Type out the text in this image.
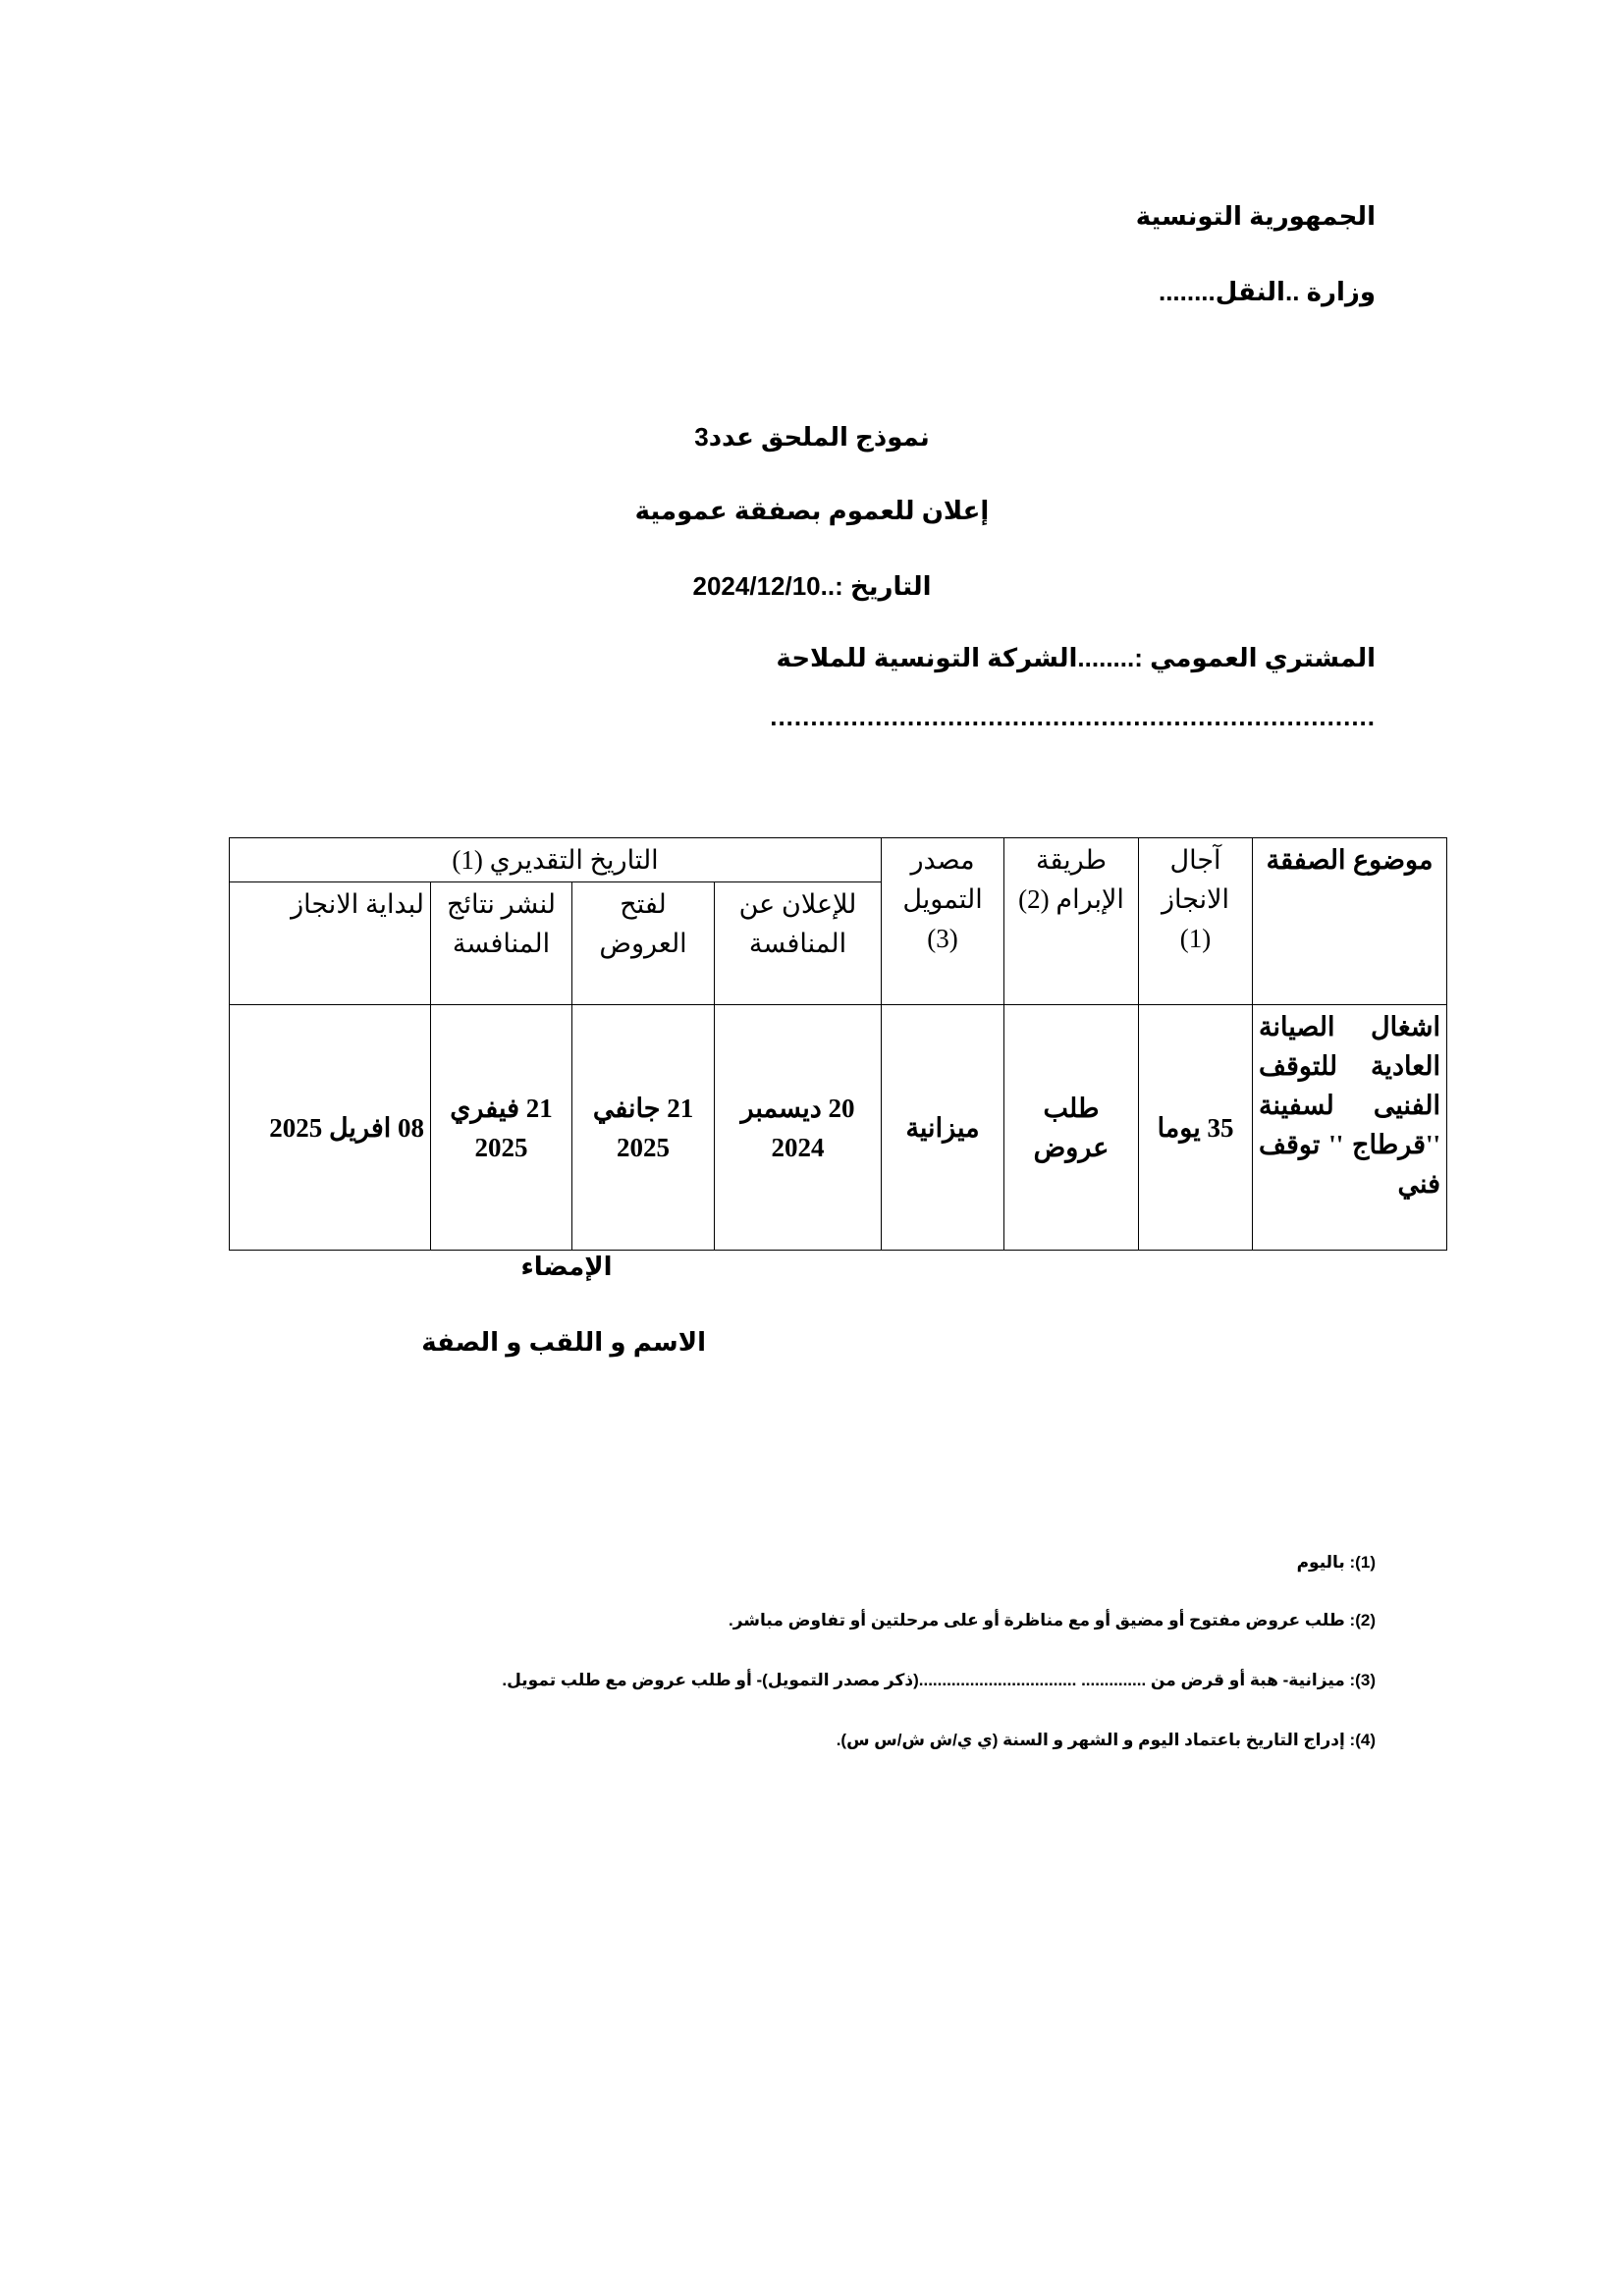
الجمهورية التونسية
وزارة ..النقل........
نموذج الملحق عدد3
إعلان للعموم بصفقة عمومية
التاريخ :..2024/12/10
المشتري العمومي :........الشركة التونسية للملاحة
...........................................................................
موضوع الصفقة	آجال الانجاز (1)	طريقة الإبرام (2)	مصدر التمويل (3)	التاريخ التقديري (1)			
				للإعلان عن المنافسة	لفتح العروض	لنشر نتائج المنافسة	لبداية الانجاز
اشغال الصيانة العادية للتوقف الفنيى لسفينة ''قرطاج '' توقف فني	35 يوما	طلب عروض	ميزانية	20 ديسمبر 2024	21 جانفي 2025	21 فيفري 2025	08 افريل 2025
الإمضاء
الاسم و اللقب و الصفة
(1): باليوم
(2): طلب عروض مفتوح أو مضيق أو مع مناظرة أو على مرحلتين أو تفاوض مباشر.
(3): ميزانية- هبة أو قرض من .............. ..................................(ذكر مصدر التمويل)- أو طلب عروض مع طلب تمويل.
(4): إدراج التاريخ باعتماد اليوم و الشهر و السنة (ي ي/ش ش/س س).
